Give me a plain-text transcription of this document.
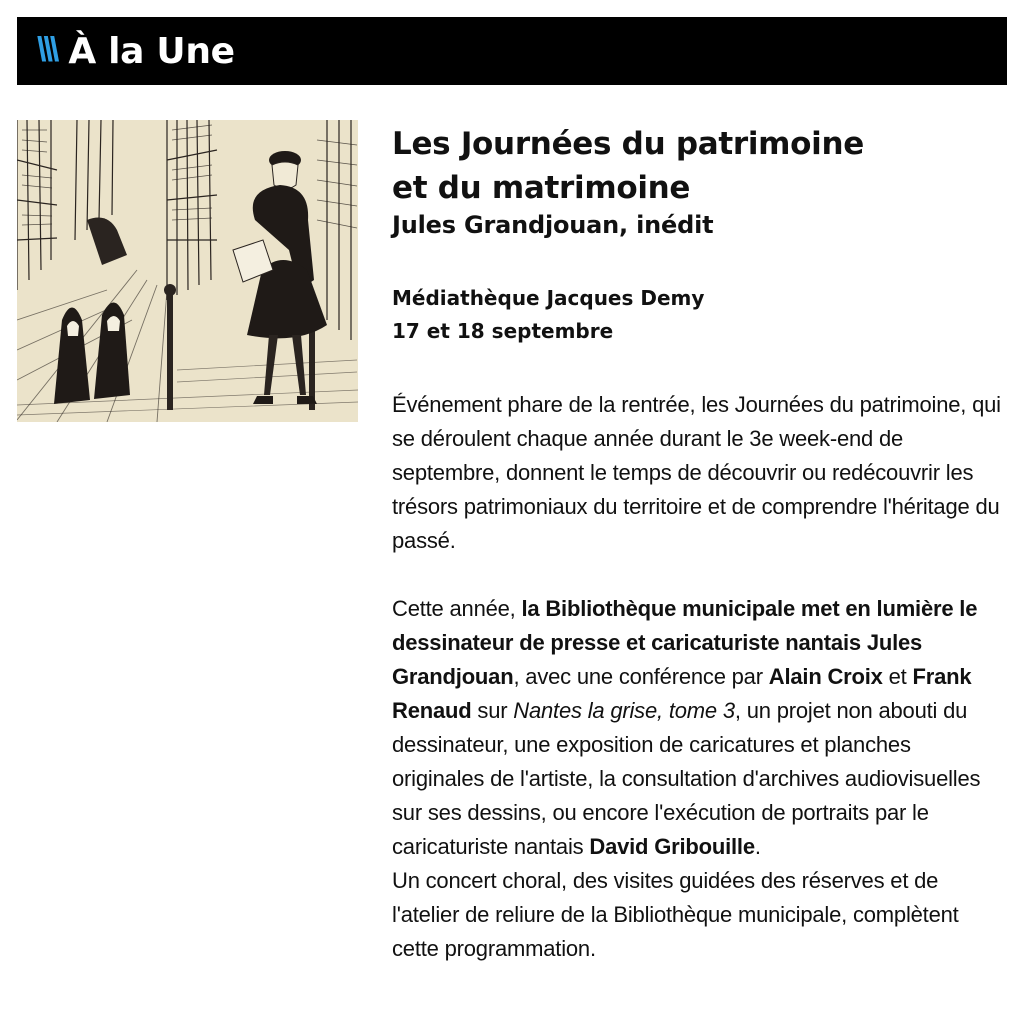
\\\ À la Une
Les Journées du patrimoine
et du matrimoine
Jules Grandjouan, inédit
Médiathèque Jacques Demy
17 et 18 septembre

Événement phare de la rentrée, les Journées du patrimoine, qui se déroulent chaque année durant le 3e week-end de septembre, donnent le temps de découvrir ou redécouvrir les trésors patrimoniaux du territoire et de comprendre l'héritage du passé.

Cette année, la Bibliothèque municipale met en lumière le dessinateur de presse et caricaturiste nantais Jules Grandjouan, avec une conférence par Alain Croix et Frank Renaud sur Nantes la grise, tome 3, un projet non abouti du dessinateur, une exposition de caricatures et planches originales de l'artiste, la consultation d'archives audiovisuelles sur ses dessins, ou encore l'exécution de portraits par le caricaturiste nantais David Gribouille.

Un concert choral, des visites guidées des réserves et de l'atelier de reliure de la Bibliothèque municipale, complètent cette programmation.
